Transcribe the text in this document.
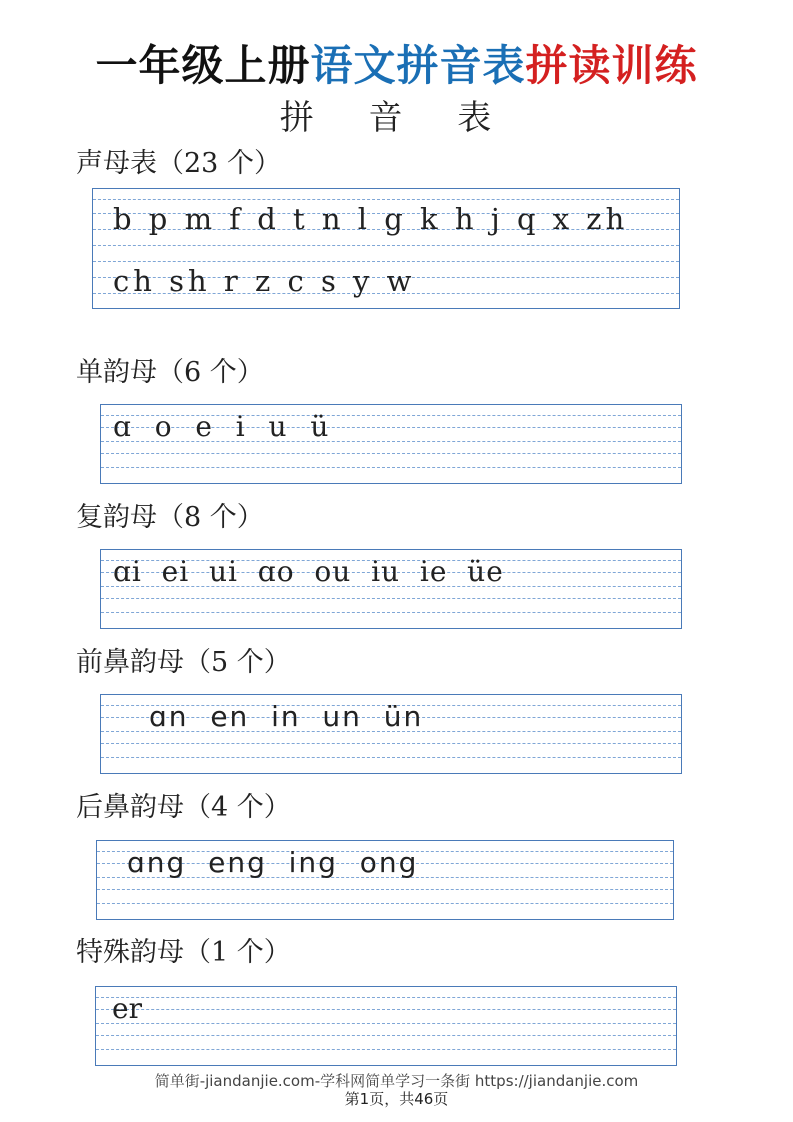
一年级上册语文拼音表拼读训练
拼 音 表
声母表（23 个）
b p m f d t n l g k h j q x zh
ch sh r z c s y w
单韵母（6 个）
ɑ  o  e  i  u  ü
复韵母（8 个）
ɑi  ei  ui  ɑo  ou  iu  ie  üe
前鼻韵母（5 个）
ɑn  en  in  un  ün
后鼻韵母（4 个）
ɑng  eng  ing  ong
特殊韵母（1 个）
er
简单街-jiandanjie.com-学科网简单学习一条街 https://jiandanjie.com
第1页，共46页
